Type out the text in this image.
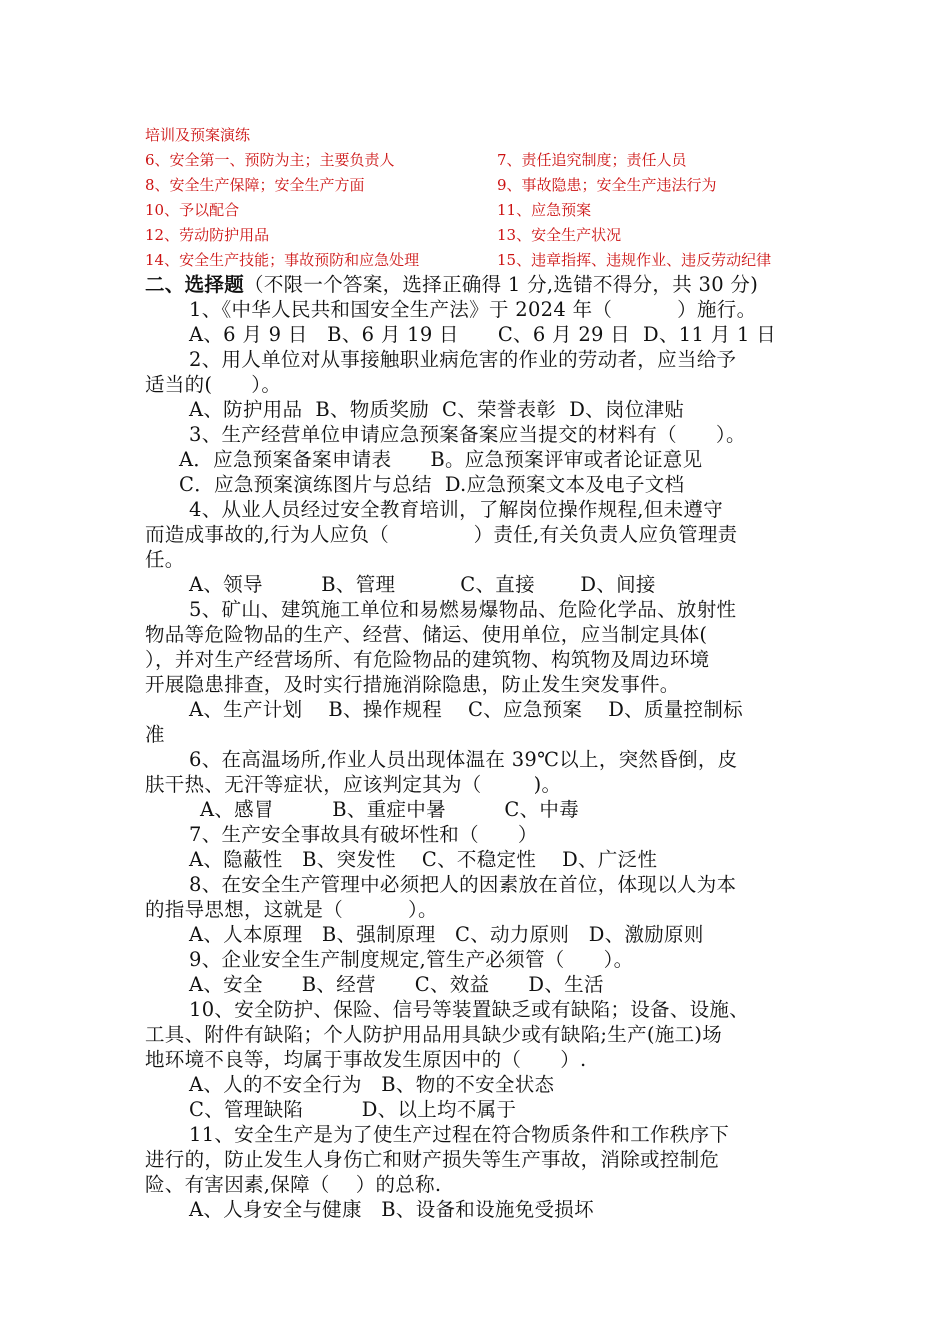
培训及预案演练
6、安全第一、预防为主；主要负责人	7、责任追究制度；责任人员
8、安全生产保障；安全生产方面	9、事故隐患；安全生产违法行为
10、予以配合	11、应急预案
12、劳动防护用品	13、安全生产状况
14、安全生产技能；事故预防和应急处理	15、违章指挥、违规作业、违反劳动纪律
二、选择题（不限一个答案，选择正确得 1 分,选错不得分，共 30 分)
1、《中华人民共和国安全生产法》于 2024 年（          ）施行。
A、6 月 9 日   B、6 月 19 日      C、6 月 29 日  D、11 月 1 日
2、用人单位对从事接触职业病危害的作业的劳动者，应当给予
适当的(      ）。
A、防护用品  B、物质奖励  C、荣誉表彰  D、岗位津贴
3、生产经营单位申请应急预案备案应当提交的材料有（      ）。
A．应急预案备案申请表      B。应急预案评审或者论证意见
C．应急预案演练图片与总结  D.应急预案文本及电子文档
4、从业人员经过安全教育培训，了解岗位操作规程,但未遵守
而造成事故的,行为人应负（             ）责任,有关负责人应负管理责
任。
A、领导         B、管理          C、直接       D、间接
5、矿山、建筑施工单位和易燃易爆物品、危险化学品、放射性
物品等危险物品的生产、经营、储运、使用单位，应当制定具体(
），并对生产经营场所、有危险物品的建筑物、构筑物及周边环境
开展隐患排查，及时实行措施消除隐患，防止发生突发事件。
A、生产计划    B、操作规程    C、应急预案    D、质量控制标
准
6、在高温场所,作业人员出现体温在 39℃以上，突然昏倒，皮
肤干热、无汗等症状，应该判定其为（        )。
A、感冒         B、重症中暑         C、中毒
7、生产安全事故具有破坏性和（      ）
A、隐蔽性   B、突发性    C、不稳定性    D、广泛性
8、在安全生产管理中必须把人的因素放在首位，体现以人为本
的指导思想，这就是（          ）。
A、人本原理   B、强制原理   C、动力原则   D、激励原则
9、企业安全生产制度规定,管生产必须管（      ）。
A、安全      B、经营      C、效益      D、生活
10、安全防护、保险、信号等装置缺乏或有缺陷；设备、设施、
工具、附件有缺陷；个人防护用品用具缺少或有缺陷;生产(施工)场
地环境不良等，均属于事故发生原因中的（      ）.
A、人的不安全行为   B、物的不安全状态
C、管理缺陷         D、以上均不属于
11、安全生产是为了使生产过程在符合物质条件和工作秩序下
进行的，防止发生人身伤亡和财产损失等生产事故，消除或控制危
险、有害因素,保障（    ）的总称.
A、人身安全与健康   B、设备和设施免受损坏
